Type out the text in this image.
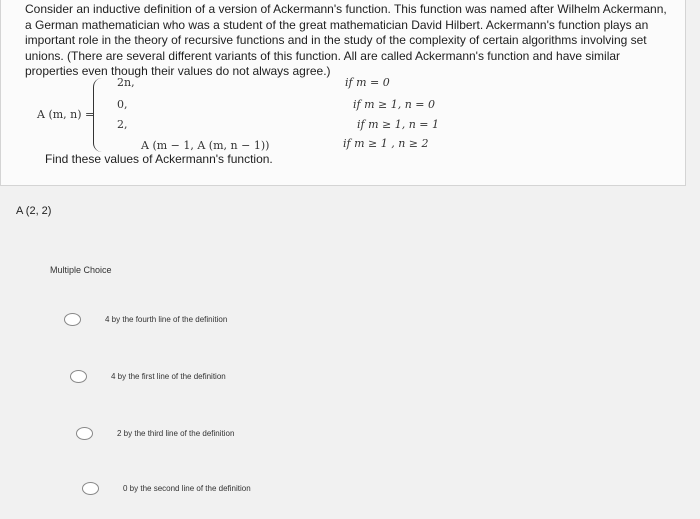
Consider an inductive definition of a version of Ackermann's function. This function was named after Wilhelm Ackermann, a German mathematician who was a student of the great mathematician David Hilbert. Ackermann's function plays an important role in the theory of recursive functions and in the study of the complexity of certain algorithms involving set unions. (There are several different variants of this function. All are called Ackermann's function and have similar properties even though their values do not always agree.)
A (m, n) =
2n,
0,
2,
A (m − 1, A (m, n − 1))
if m = 0
if m ≥ 1, n = 0
if m ≥ 1, n = 1
if m ≥ 1 , n ≥ 2
Find these values of Ackermann's function.
A (2, 2)
Multiple Choice
4 by the fourth line of the definition
4 by the first line of the definition
2 by the third line of the definition
0 by the second line of the definition
